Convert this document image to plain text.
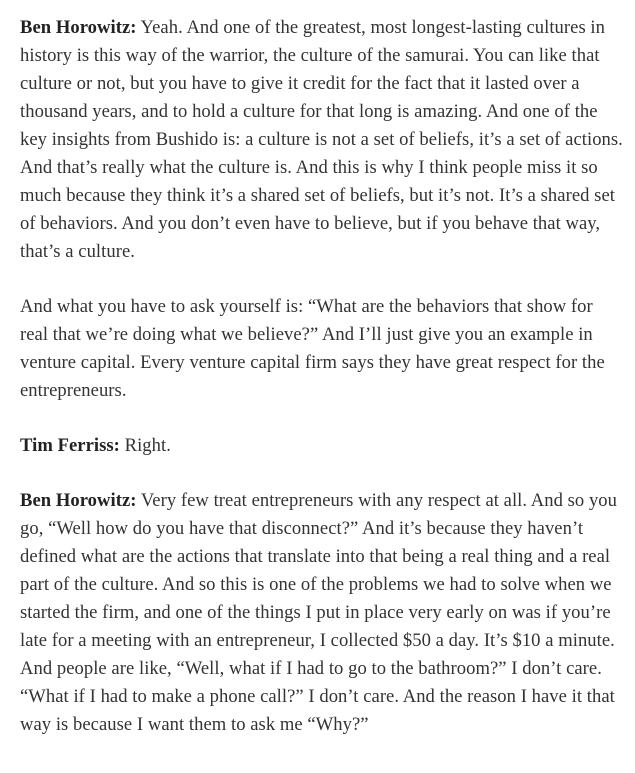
Ben Horowitz: Yeah. And one of the greatest, most longest-lasting cultures in history is this way of the warrior, the culture of the samurai. You can like that culture or not, but you have to give it credit for the fact that it lasted over a thousand years, and to hold a culture for that long is amazing. And one of the key insights from Bushido is: a culture is not a set of beliefs, it’s a set of actions. And that’s really what the culture is. And this is why I think people miss it so much because they think it’s a shared set of beliefs, but it’s not. It’s a shared set of behaviors. And you don’t even have to believe, but if you behave that way, that’s a culture.

And what you have to ask yourself is: “What are the behaviors that show for real that we’re doing what we believe?” And I’ll just give you an example in venture capital. Every venture capital firm says they have great respect for the entrepreneurs.

Tim Ferriss: Right.

Ben Horowitz: Very few treat entrepreneurs with any respect at all. And so you go, “Well how do you have that disconnect?” And it’s because they haven’t defined what are the actions that translate into that being a real thing and a real part of the culture. And so this is one of the problems we had to solve when we started the firm, and one of the things I put in place very early on was if you’re late for a meeting with an entrepreneur, I collected $50 a day. It’s $10 a minute. And people are like, “Well, what if I had to go to the bathroom?” I don’t care. “What if I had to make a phone call?” I don’t care. And the reason I have it that way is because I want them to ask me “Why?”
